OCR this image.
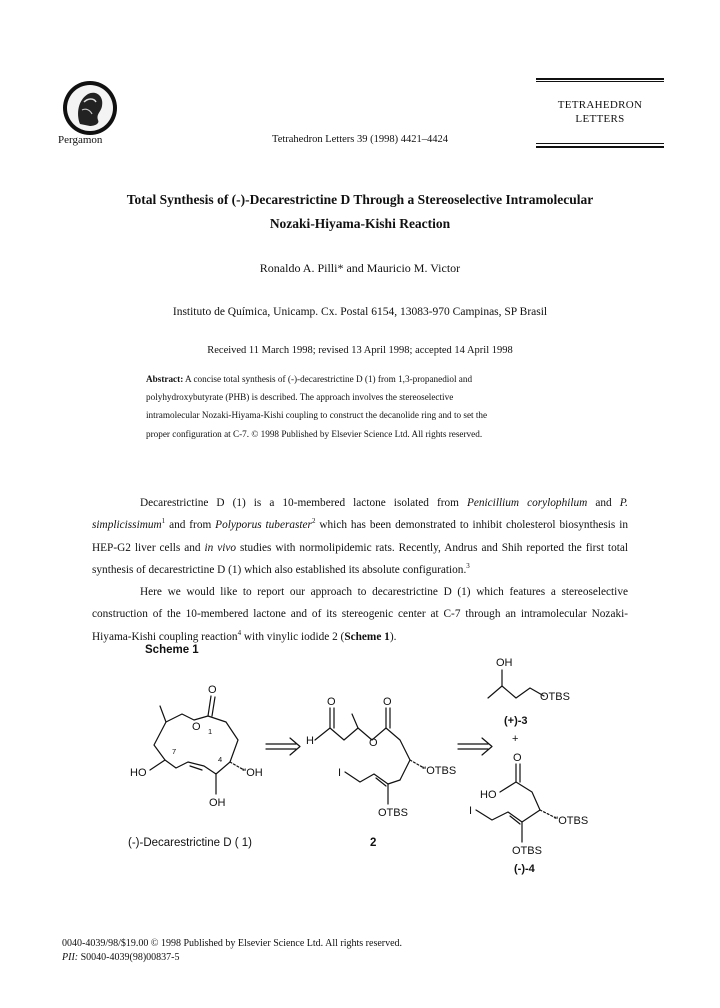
Pergamon	Tetrahedron Letters 39 (1998) 4421–4424
TETRAHEDRON
LETTERS
Total Synthesis of (-)-Decarestrictine D Through a Stereoselective Intramolecular
Nozaki-Hiyama-Kishi Reaction
Ronaldo A. Pilli* and Mauricio M. Victor
Instituto de Química, Unicamp. Cx. Postal 6154, 13083-970 Campinas, SP Brasil
Received 11 March 1998; revised 13 April 1998; accepted 14 April 1998
Abstract: A concise total synthesis of (-)-decarestrictine D (1) from 1,3-propanediol and
polyhydroxybutyrate (PHB) is described. The approach involves the stereoselective
intramolecular Nozaki-Hiyama-Kishi coupling to construct the decanolide ring and to set the
proper configuration at C-7. © 1998 Published by Elsevier Science Ltd. All rights reserved.

Decarestrictine D (1) is a 10-membered lactone isolated from Penicillium corylophilum and P. simplicissimum$^1$ and from Polyporus tuberaster$^2$ which has been demonstrated to inhibit cholesterol biosynthesis in HEP-G2 liver cells and in vivo studies with normolipidemic rats. Recently, Andrus and Shih reported the first total synthesis of decarestrictine D (1) which also established its absolute configuration.$^3$

Here we would like to report our approach to decarestrictine D (1) which features a stereoselective construction of the 10-membered lactone and of its stereogenic center at C-7 through an intramolecular Nozaki-Hiyama-Kishi coupling reaction$^4$ with vinylic iodide 2 (Scheme 1).

Scheme 1
O
O 1
4
7
HO	''OH
OH
(-)-Decarestrictine D ( 1)
O
H	O
O
I	''OTBS
OTBS
2
OH
OTBS
(+)-3
+
O
HO
I
''OTBS
OTBS
(-)-4
0040-4039/98/$19.00 © 1998 Published by Elsevier Science Ltd. All rights reserved.
PII: S0040-4039(98)00837-5
